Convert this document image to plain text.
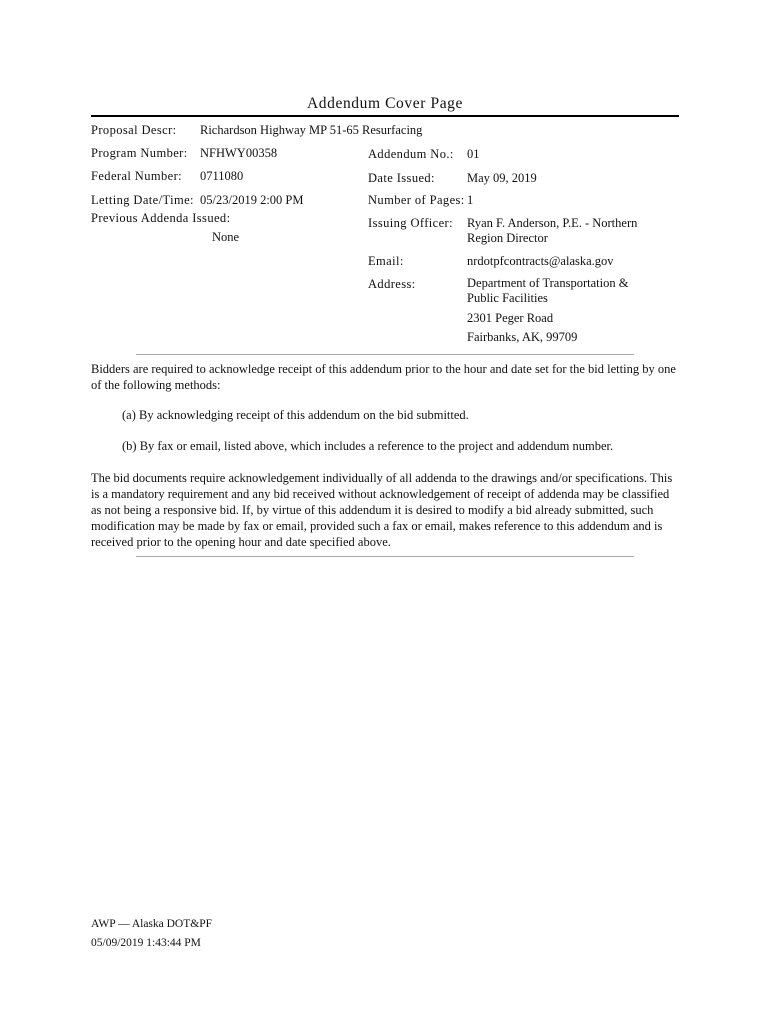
Addendum Cover Page
Proposal Descr: Richardson Highway MP 51-65 Resurfacing
Program Number: NFHWY00358
Federal Number: 0711080
Letting Date/Time: 05/23/2019 2:00 PM
Previous Addenda Issued:
None
Addendum No.: 01
Date Issued:	May 09, 2019
Number of Pages: 1
Issuing Officer: Ryan F. Anderson, P.E. - Northern
Region Director
Email:	nrdotpfcontracts@alaska.gov
Address:	Department of Transportation &
Public Facilities
2301 Peger Road
Fairbanks, AK, 99709
Bidders are required to acknowledge receipt of this addendum prior to the hour and date set for the bid letting by one of the following methods:
(a) By acknowledging receipt of this addendum on the bid submitted.
(b) By fax or email, listed above, which includes a reference to the project and addendum number.
The bid documents require acknowledgement individually of all addenda to the drawings and/or specifications. This is a mandatory requirement and any bid received without acknowledgement of receipt of addenda may be classified as not being a responsive bid. If, by virtue of this addendum it is desired to modify a bid already submitted, such modification may be made by fax or email, provided such a fax or email, makes reference to this addendum and is received prior to the opening hour and date specified above.
AWP — Alaska DOT&PF
05/09/2019 1:43:44 PM
